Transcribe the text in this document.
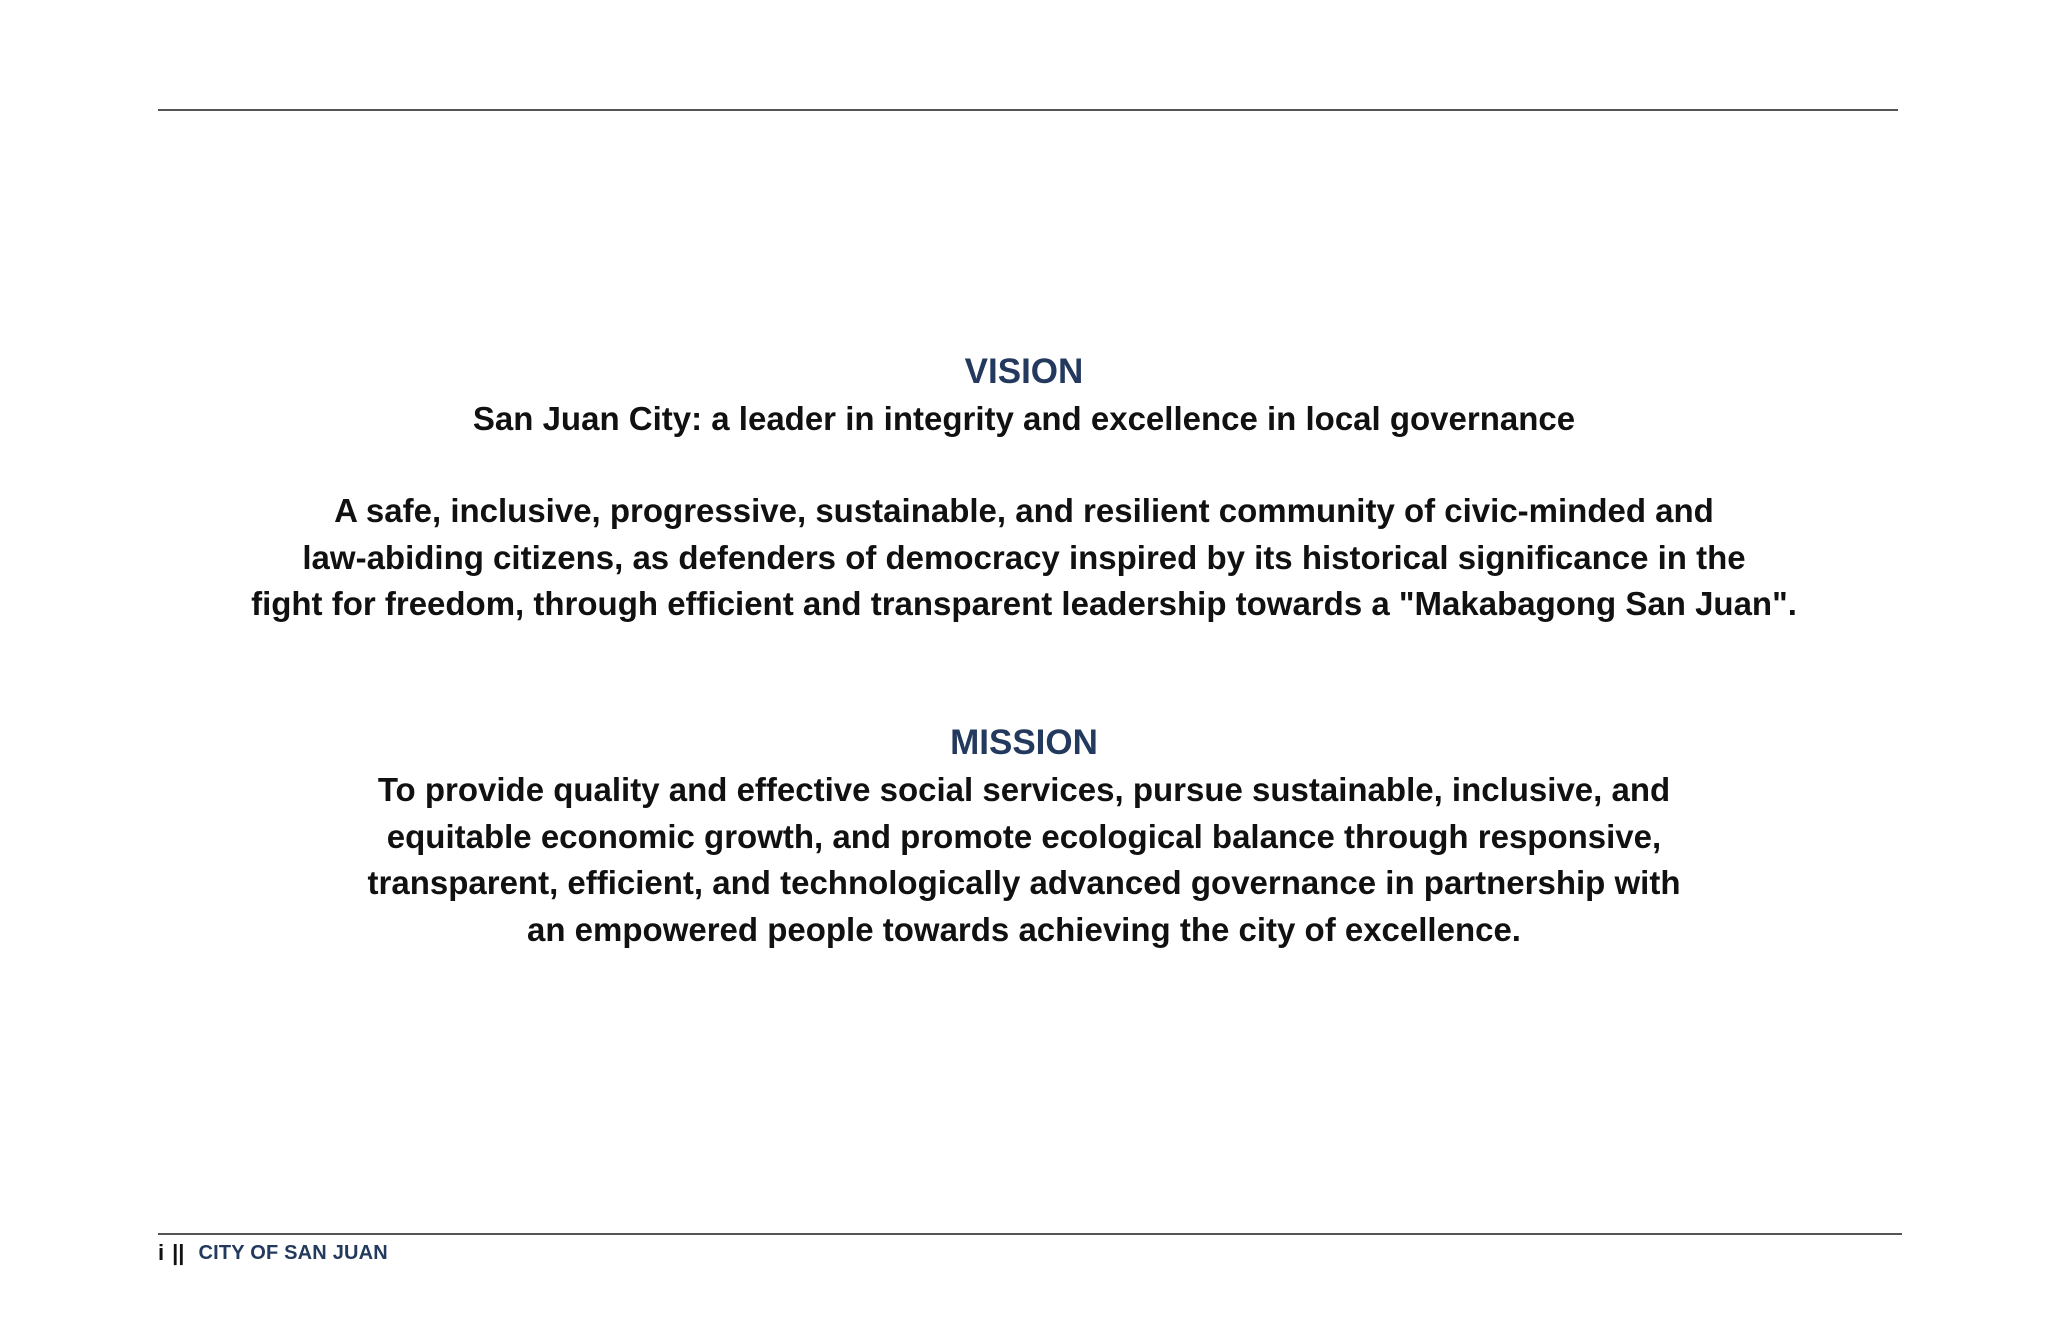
VISION
San Juan City: a leader in integrity and excellence in local governance
A safe, inclusive, progressive, sustainable, and resilient community of civic-minded and
law-abiding citizens, as defenders of democracy inspired by its historical significance in the
fight for freedom, through efficient and transparent leadership towards a "Makabagong San Juan".
MISSION
To provide quality and effective social services, pursue sustainable, inclusive, and
equitable economic growth, and promote ecological balance through responsive,
transparent, efficient, and technologically advanced governance in partnership with
an empowered people towards achieving the city of excellence.
i || CITY OF SAN JUAN
